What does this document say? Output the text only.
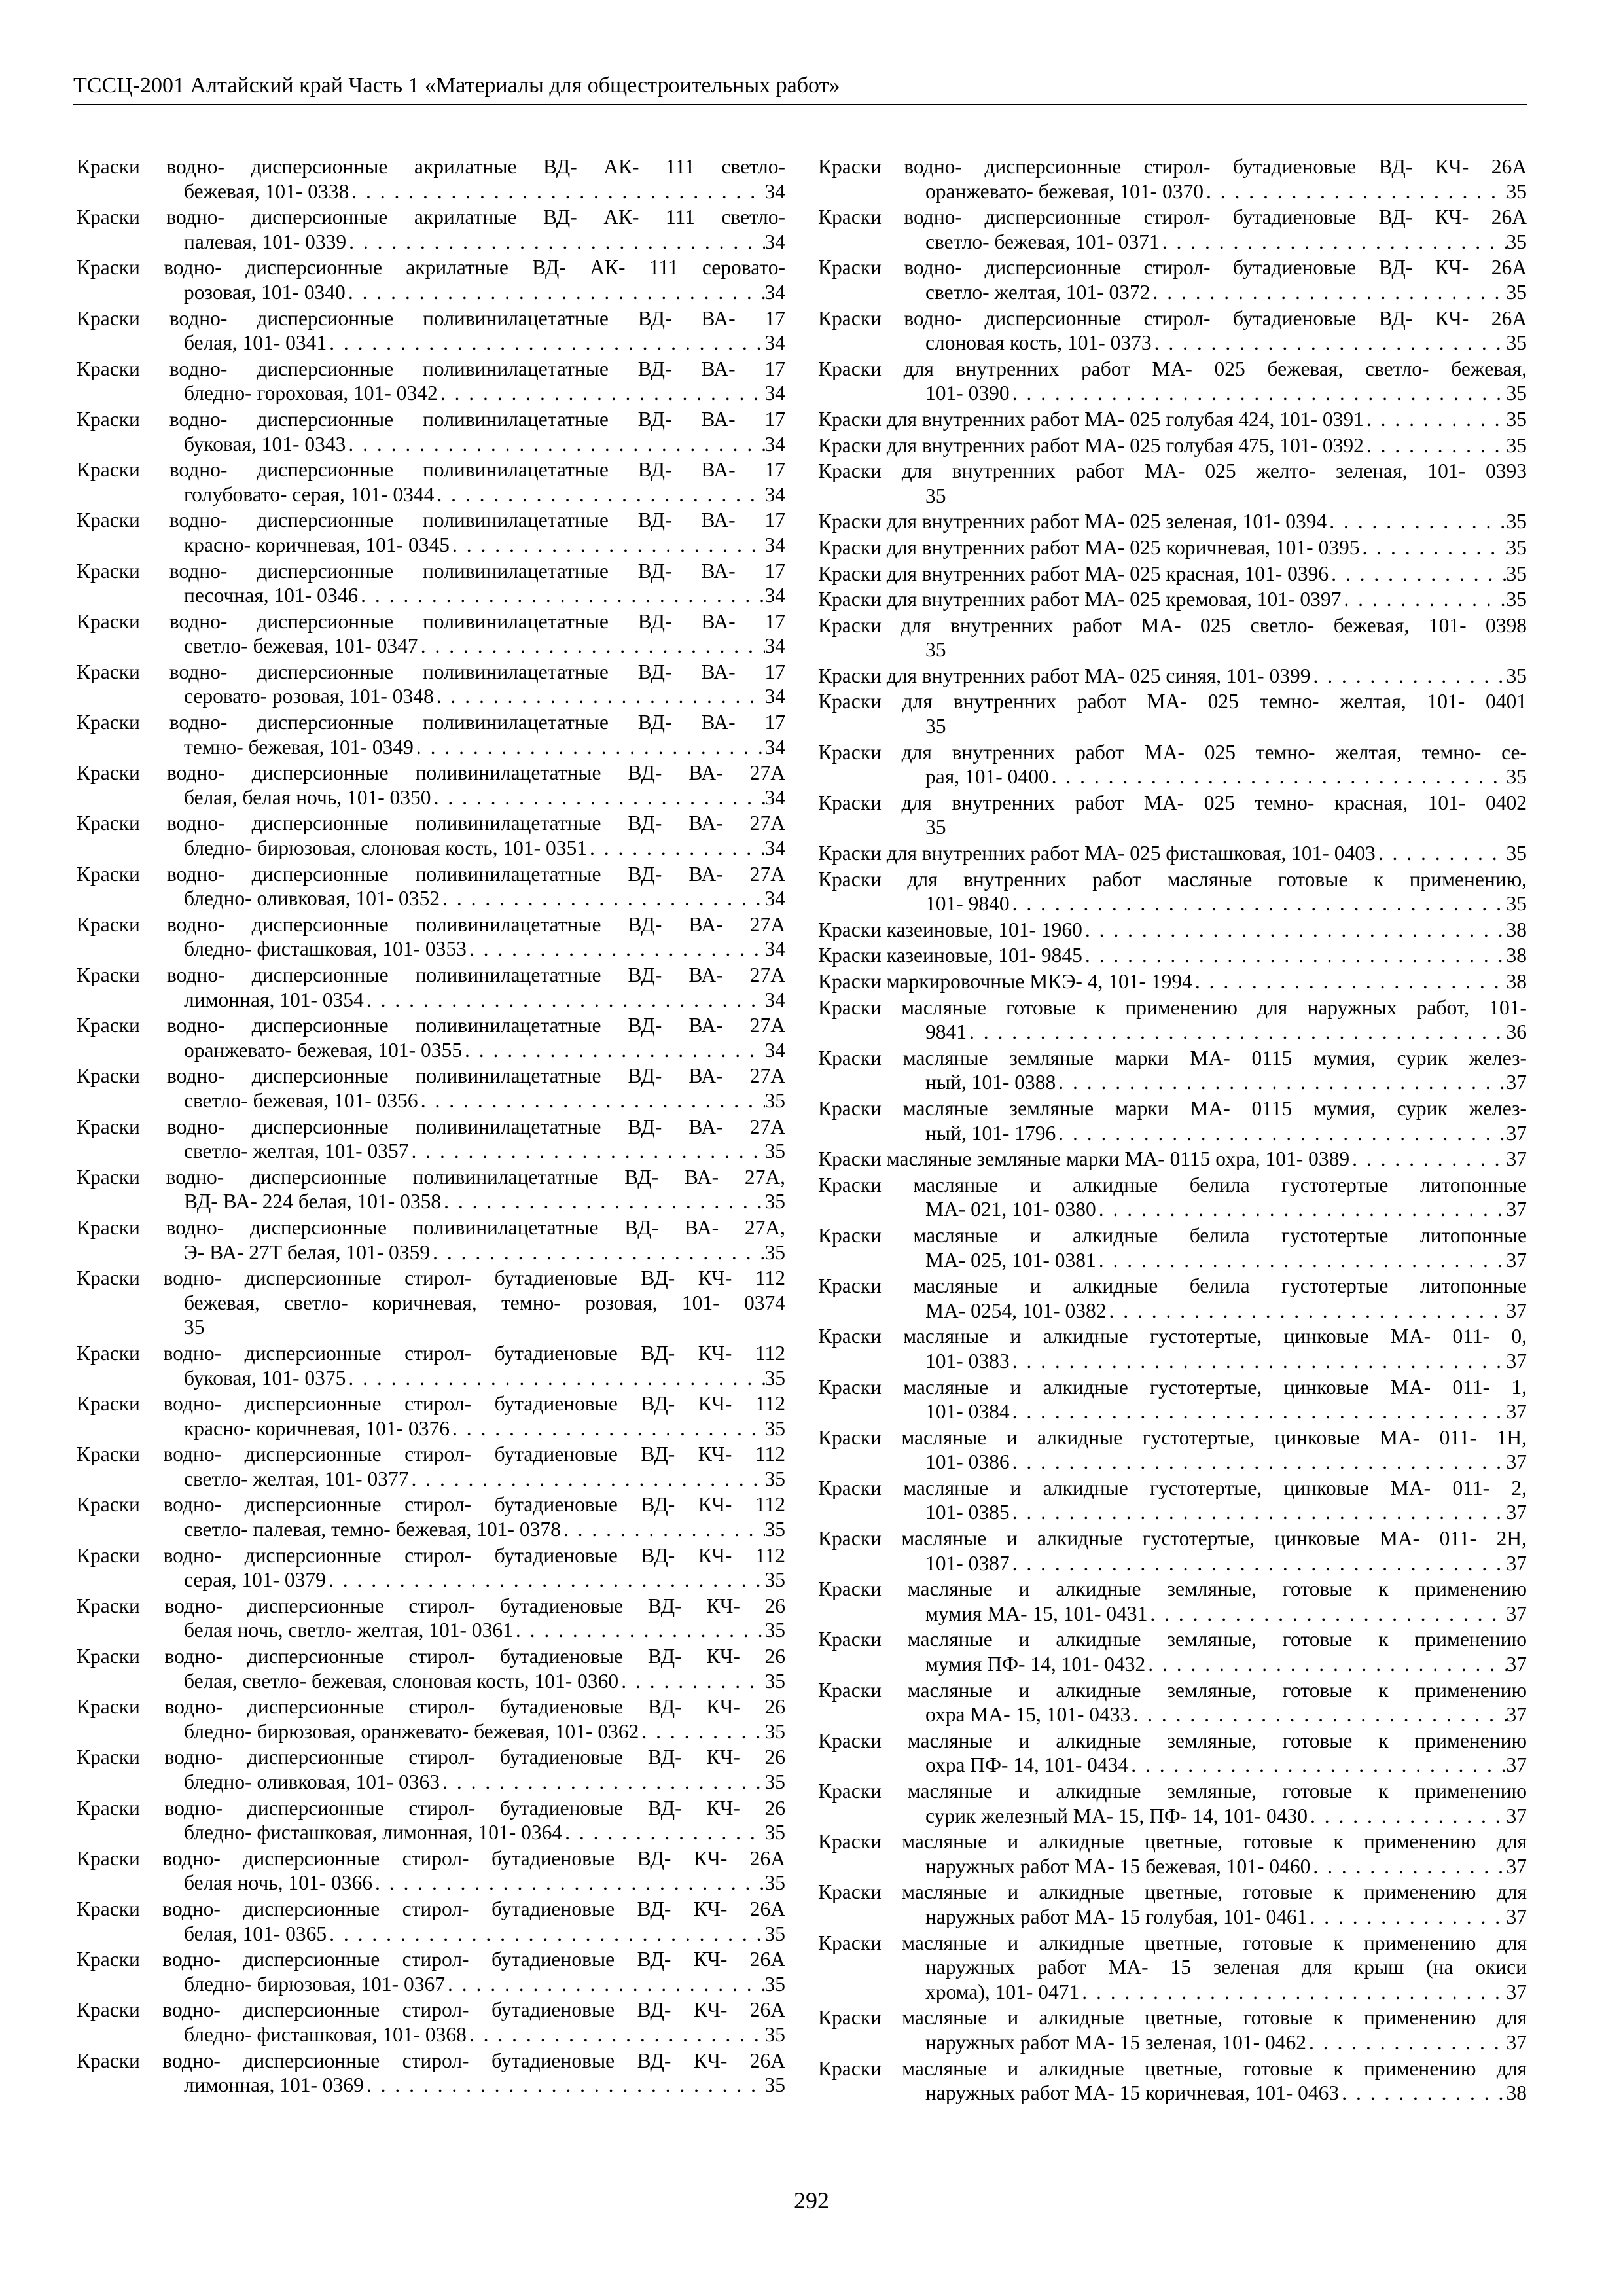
ТССЦ-2001 Алтайский край Часть 1 «Материалы для общестроительных работ»
Краски водно- дисперсионные акрилатные ВД- АК- 111 светло-
бежевая, 101- 0338 . . .	34
Краски водно- дисперсионные акрилатные ВД- АК- 111 светло-
палевая, 101- 0339 . . .	34
Краски водно- дисперсионные акрилатные ВД- АК- 111 серовато-
розовая, 101- 0340 . . .	34
Краски водно- дисперсионные поливинилацетатные ВД- ВА- 17
белая, 101- 0341 . . .	34
Краски водно- дисперсионные поливинилацетатные ВД- ВА- 17
бледно- гороховая, 101- 0342 . . .	34
Краски водно- дисперсионные поливинилацетатные ВД- ВА- 17
буковая, 101- 0343 . . .	34
Краски водно- дисперсионные поливинилацетатные ВД- ВА- 17
голубовато- серая, 101- 0344 . . .	34
Краски водно- дисперсионные поливинилацетатные ВД- ВА- 17
красно- коричневая, 101- 0345 . . .	34
Краски водно- дисперсионные поливинилацетатные ВД- ВА- 17
песочная, 101- 0346 . . .	34
Краски водно- дисперсионные поливинилацетатные ВД- ВА- 17
светло- бежевая, 101- 0347 . . .	34
Краски водно- дисперсионные поливинилацетатные ВД- ВА- 17
серовато- розовая, 101- 0348 . . .	34
Краски водно- дисперсионные поливинилацетатные ВД- ВА- 17
темно- бежевая, 101- 0349 . . .	34
Краски водно- дисперсионные поливинилацетатные ВД- ВА- 27А
белая, белая ночь, 101- 0350 . . .	34
Краски водно- дисперсионные поливинилацетатные ВД- ВА- 27А
бледно- бирюзовая, слоновая кость, 101- 0351 . . .	34
Краски водно- дисперсионные поливинилацетатные ВД- ВА- 27А
бледно- оливковая, 101- 0352 . . .	34
Краски водно- дисперсионные поливинилацетатные ВД- ВА- 27А
бледно- фисташковая, 101- 0353 . . .	34
Краски водно- дисперсионные поливинилацетатные ВД- ВА- 27А
лимонная, 101- 0354 . . .	34
Краски водно- дисперсионные поливинилацетатные ВД- ВА- 27А
оранжевато- бежевая, 101- 0355 . . .	34
Краски водно- дисперсионные поливинилацетатные ВД- ВА- 27А
светло- бежевая, 101- 0356 . . .	35
Краски водно- дисперсионные поливинилацетатные ВД- ВА- 27А
светло- желтая, 101- 0357 . . .	35
Краски водно- дисперсионные поливинилацетатные ВД- ВА- 27А,
ВД- ВА- 224 белая, 101- 0358 . . .	35
Краски водно- дисперсионные поливинилацетатные ВД- ВА- 27А,
Э- ВА- 27Т белая, 101- 0359 . . .	35
Краски водно- дисперсионные стирол- бутадиеновые ВД- КЧ- 112
бежевая, светло- коричневая, темно- розовая, 101- 0374
35
Краски водно- дисперсионные стирол- бутадиеновые ВД- КЧ- 112
буковая, 101- 0375 . . .	35
Краски водно- дисперсионные стирол- бутадиеновые ВД- КЧ- 112
красно- коричневая, 101- 0376 . . .	35
Краски водно- дисперсионные стирол- бутадиеновые ВД- КЧ- 112
светло- желтая, 101- 0377 . . .	35
Краски водно- дисперсионные стирол- бутадиеновые ВД- КЧ- 112
светло- палевая, темно- бежевая, 101- 0378 . . .	35
Краски водно- дисперсионные стирол- бутадиеновые ВД- КЧ- 112
серая, 101- 0379 . . .	35
Краски водно- дисперсионные стирол- бутадиеновые ВД- КЧ- 26
белая ночь, светло- желтая, 101- 0361 . . .	35
Краски водно- дисперсионные стирол- бутадиеновые ВД- КЧ- 26
белая, светло- бежевая, слоновая кость, 101- 0360 . . .	35
Краски водно- дисперсионные стирол- бутадиеновые ВД- КЧ- 26
бледно- бирюзовая, оранжевато- бежевая, 101- 0362 . . .	35
Краски водно- дисперсионные стирол- бутадиеновые ВД- КЧ- 26
бледно- оливковая, 101- 0363 . . .	35
Краски водно- дисперсионные стирол- бутадиеновые ВД- КЧ- 26
бледно- фисташковая, лимонная, 101- 0364 . . .	35
Краски водно- дисперсионные стирол- бутадиеновые ВД- КЧ- 26А
белая ночь, 101- 0366 . . .	35
Краски водно- дисперсионные стирол- бутадиеновые ВД- КЧ- 26А
белая, 101- 0365 . . .	35
Краски водно- дисперсионные стирол- бутадиеновые ВД- КЧ- 26А
бледно- бирюзовая, 101- 0367 . . .	35
Краски водно- дисперсионные стирол- бутадиеновые ВД- КЧ- 26А
бледно- фисташковая, 101- 0368 . . .	35
Краски водно- дисперсионные стирол- бутадиеновые ВД- КЧ- 26А
лимонная, 101- 0369 . . .	35
Краски водно- дисперсионные стирол- бутадиеновые ВД- КЧ- 26А
оранжевато- бежевая, 101- 0370 . . .	35
Краски водно- дисперсионные стирол- бутадиеновые ВД- КЧ- 26А
светло- бежевая, 101- 0371 . . .	35
Краски водно- дисперсионные стирол- бутадиеновые ВД- КЧ- 26А
светло- желтая, 101- 0372 . . .	35
Краски водно- дисперсионные стирол- бутадиеновые ВД- КЧ- 26А
слоновая кость, 101- 0373 . . .	35
Краски для внутренних работ МА- 025 бежевая, светло- бежевая,
101- 0390 . . .	35
Краски для внутренних работ МА- 025 голубая 424, 101- 0391 . . .	35
Краски для внутренних работ МА- 025 голубая 475, 101- 0392 . . .	35
Краски для внутренних работ МА- 025 желто- зеленая, 101- 0393
35
Краски для внутренних работ МА- 025 зеленая, 101- 0394 . . .	35
Краски для внутренних работ МА- 025 коричневая, 101- 0395 . . .	35
Краски для внутренних работ МА- 025 красная, 101- 0396 . . .	35
Краски для внутренних работ МА- 025 кремовая, 101- 0397 . . .	35
Краски для внутренних работ МА- 025 светло- бежевая, 101- 0398
35
Краски для внутренних работ МА- 025 синяя, 101- 0399 . . .	35
Краски для внутренних работ МА- 025 темно- желтая, 101- 0401
35
Краски для внутренних работ МА- 025 темно- желтая, темно- се-
рая, 101- 0400 . . .	35
Краски для внутренних работ МА- 025 темно- красная, 101- 0402
35
Краски для внутренних работ МА- 025 фисташковая, 101- 0403 . . .	35
Краски для внутренних работ масляные готовые к применению,
101- 9840 . . .	35
Краски казеиновые, 101- 1960 . . .	38
Краски казеиновые, 101- 9845 . . .	38
Краски маркировочные МКЭ- 4, 101- 1994 . . .	38
Краски масляные готовые к применению для наружных работ, 101-
9841 . . .	36
Краски масляные земляные марки МА- 0115 мумия, сурик желез-
ный, 101- 0388 . . .	37
Краски масляные земляные марки МА- 0115 мумия, сурик желез-
ный, 101- 1796 . . .	37
Краски масляные земляные марки МА- 0115 охра, 101- 0389 . . .	37
Краски масляные и алкидные белила густотертые литопонные
МА- 021, 101- 0380 . . .	37
Краски масляные и алкидные белила густотертые литопонные
МА- 025, 101- 0381 . . .	37
Краски масляные и алкидные белила густотертые литопонные
МА- 0254, 101- 0382 . . .	37
Краски масляные и алкидные густотертые, цинковые МА- 011- 0,
101- 0383 . . .	37
Краски масляные и алкидные густотертые, цинковые МА- 011- 1,
101- 0384 . . .	37
Краски масляные и алкидные густотертые, цинковые МА- 011- 1Н,
101- 0386 . . .	37
Краски масляные и алкидные густотертые, цинковые МА- 011- 2,
101- 0385 . . .	37
Краски масляные и алкидные густотертые, цинковые МА- 011- 2Н,
101- 0387 . . .	37
Краски масляные и алкидные земляные, готовые к применению
мумия МА- 15, 101- 0431 . . .	37
Краски масляные и алкидные земляные, готовые к применению
мумия ПФ- 14, 101- 0432 . . .	37
Краски масляные и алкидные земляные, готовые к применению
охра МА- 15, 101- 0433 . . .	37
Краски масляные и алкидные земляные, готовые к применению
охра ПФ- 14, 101- 0434 . . .	37
Краски масляные и алкидные земляные, готовые к применению
сурик железный МА- 15, ПФ- 14, 101- 0430 . . .	37
Краски масляные и алкидные цветные, готовые к применению для
наружных работ МА- 15 бежевая, 101- 0460 . . .	37
Краски масляные и алкидные цветные, готовые к применению для
наружных работ МА- 15 голубая, 101- 0461 . . .	37
Краски масляные и алкидные цветные, готовые к применению для
наружных работ МА- 15 зеленая для крыш (на окиси
хрома), 101- 0471 . . .	37
Краски масляные и алкидные цветные, готовые к применению для
наружных работ МА- 15 зеленая, 101- 0462 . . .	37
Краски масляные и алкидные цветные, готовые к применению для
наружных работ МА- 15 коричневая, 101- 0463 . . .	38
292
